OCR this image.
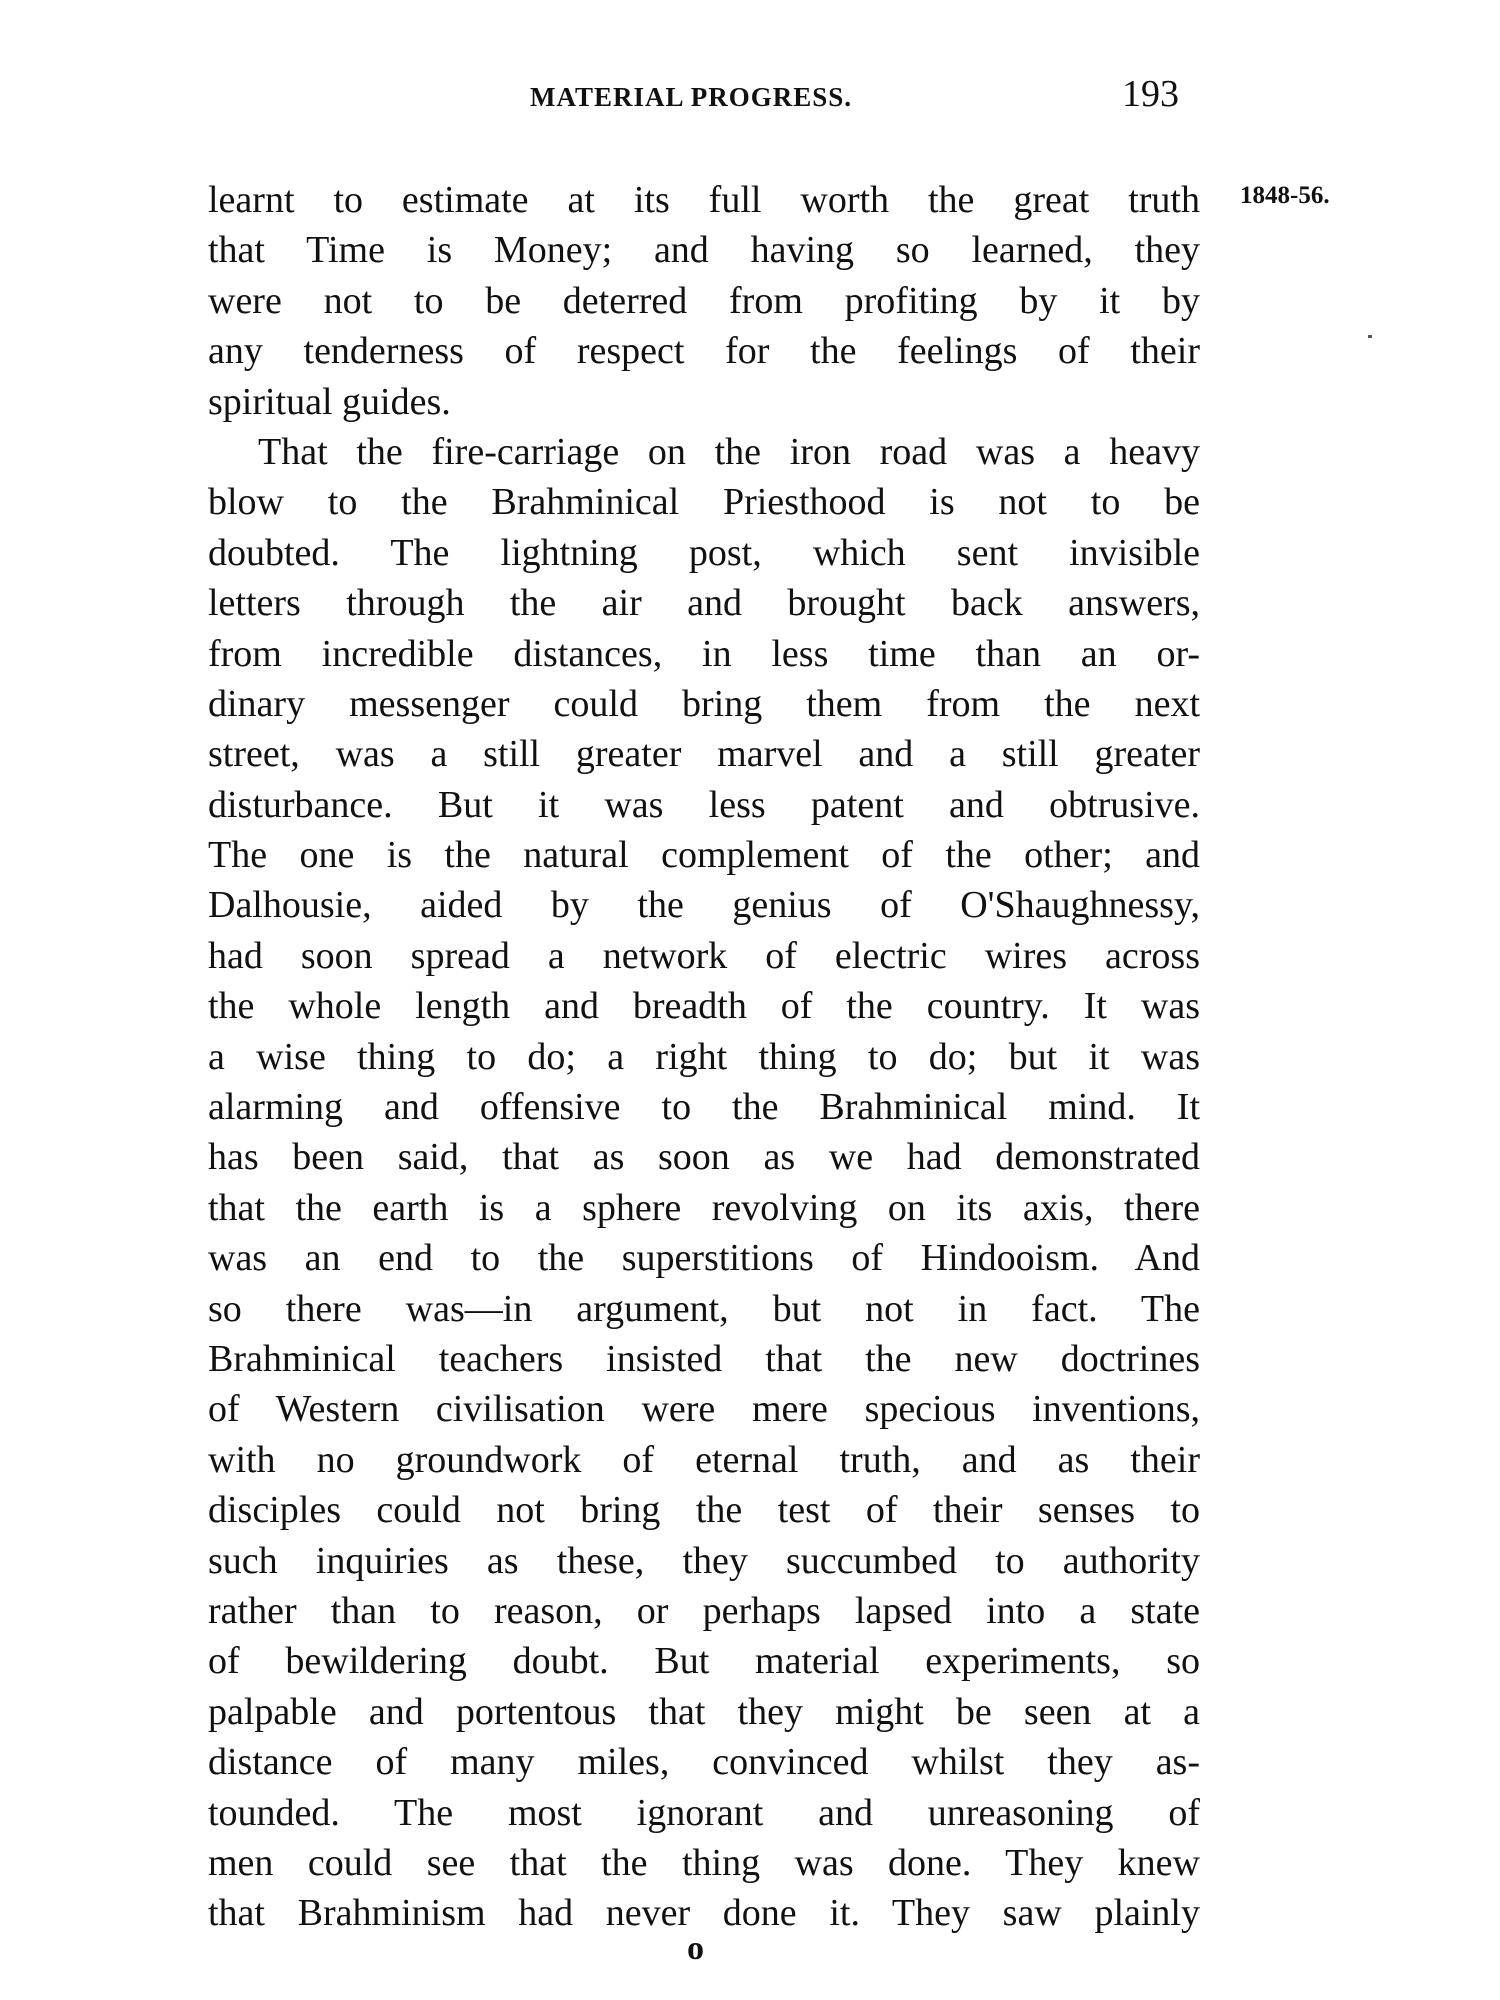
MATERIAL PROGRESS.	193
1848-56.
learnt to estimate at its full worth the great truth
that Time is Money; and having so learned, they
were not to be deterred from profiting by it by
any tenderness of respect for the feelings of their
spiritual guides.
That the fire-carriage on the iron road was a heavy
blow to the Brahminical Priesthood is not to be
doubted. The lightning post, which sent invisible
letters through the air and brought back answers,
from incredible distances, in less time than an or-
dinary messenger could bring them from the next
street, was a still greater marvel and a still greater
disturbance. But it was less patent and obtrusive.
The one is the natural complement of the other; and
Dalhousie, aided by the genius of O'Shaughnessy,
had soon spread a network of electric wires across
the whole length and breadth of the country. It was
a wise thing to do; a right thing to do; but it was
alarming and offensive to the Brahminical mind. It
has been said, that as soon as we had demonstrated
that the earth is a sphere revolving on its axis, there
was an end to the superstitions of Hindooism. And
so there was—in argument, but not in fact. The
Brahminical teachers insisted that the new doctrines
of Western civilisation were mere specious inventions,
with no groundwork of eternal truth, and as their
disciples could not bring the test of their senses to
such inquiries as these, they succumbed to authority
rather than to reason, or perhaps lapsed into a state
of bewildering doubt. But material experiments, so
palpable and portentous that they might be seen at a
distance of many miles, convinced whilst they as-
tounded. The most ignorant and unreasoning of
men could see that the thing was done. They knew
that Brahminism had never done it. They saw plainly
o
